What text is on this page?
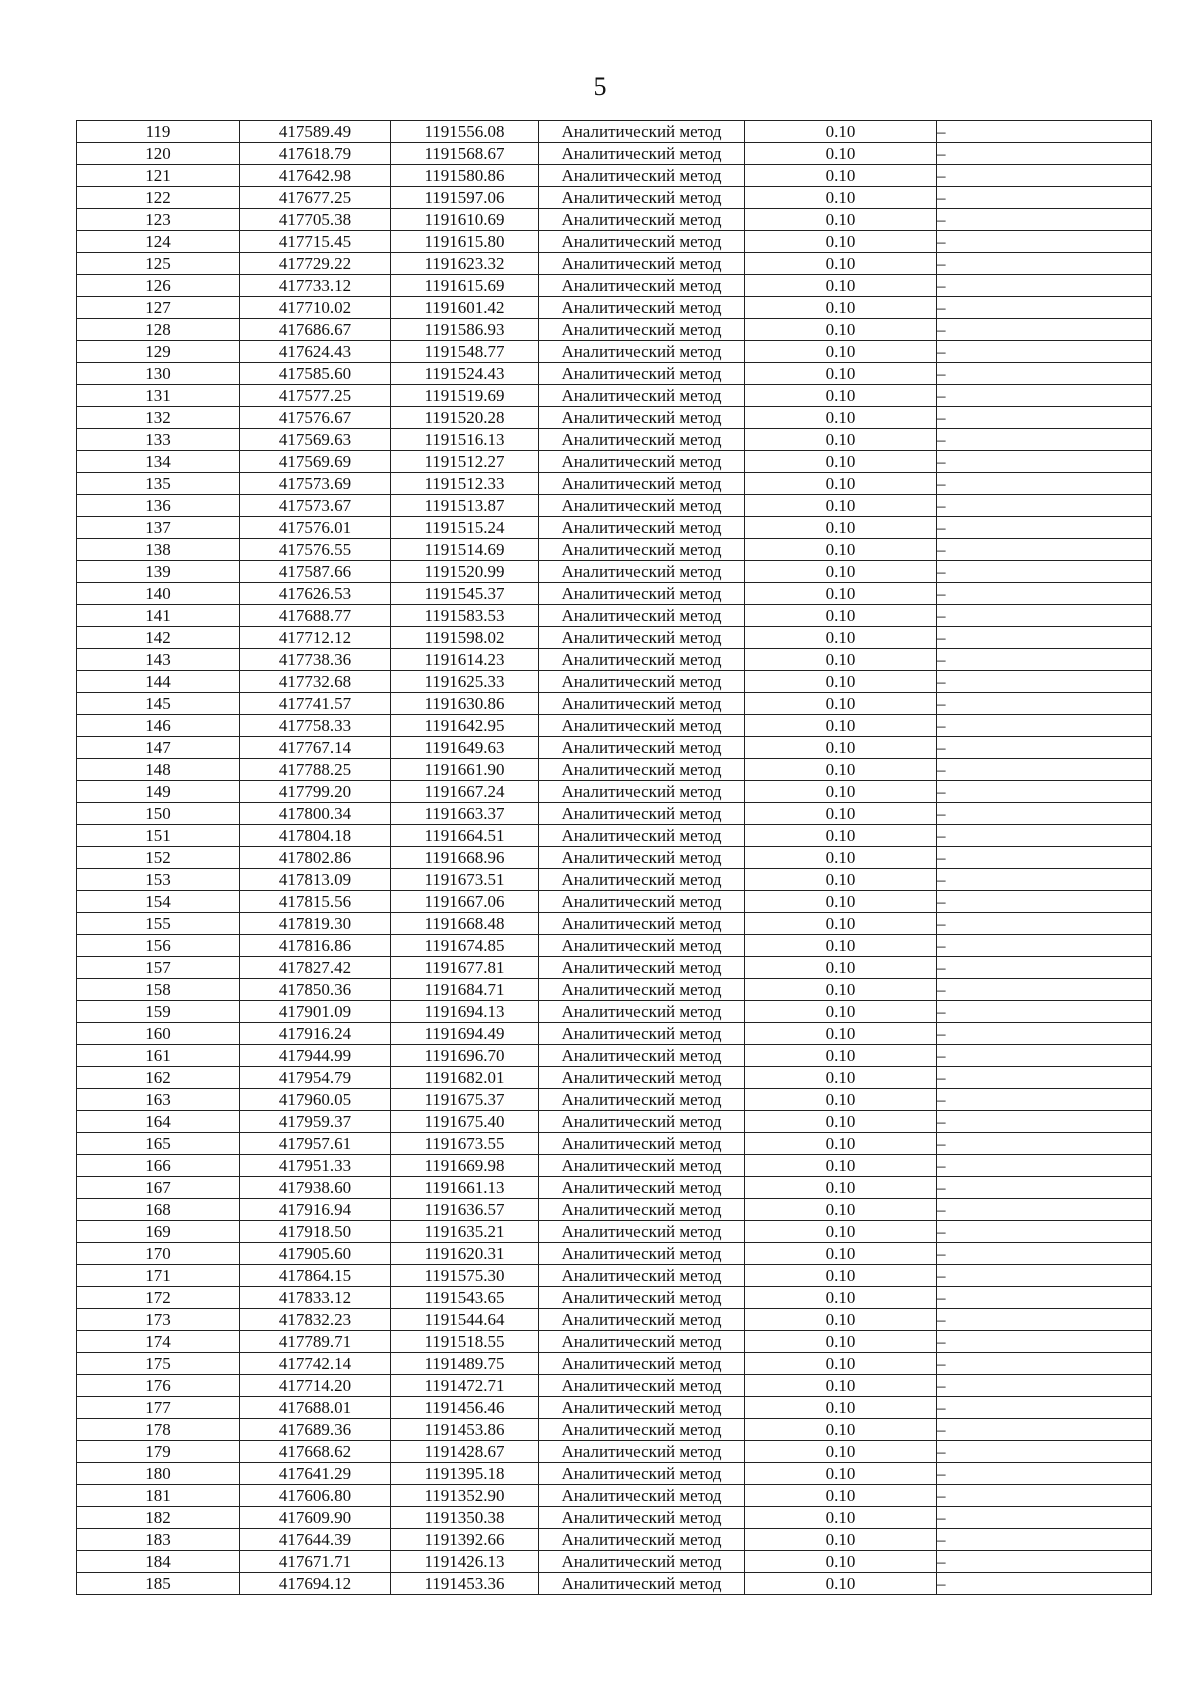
5
119	417589.49	1191556.08	Аналитический метод	0.10	–
120	417618.79	1191568.67	Аналитический метод	0.10	–
121	417642.98	1191580.86	Аналитический метод	0.10	–
122	417677.25	1191597.06	Аналитический метод	0.10	–
123	417705.38	1191610.69	Аналитический метод	0.10	–
124	417715.45	1191615.80	Аналитический метод	0.10	–
125	417729.22	1191623.32	Аналитический метод	0.10	–
126	417733.12	1191615.69	Аналитический метод	0.10	–
127	417710.02	1191601.42	Аналитический метод	0.10	–
128	417686.67	1191586.93	Аналитический метод	0.10	–
129	417624.43	1191548.77	Аналитический метод	0.10	–
130	417585.60	1191524.43	Аналитический метод	0.10	–
131	417577.25	1191519.69	Аналитический метод	0.10	–
132	417576.67	1191520.28	Аналитический метод	0.10	–
133	417569.63	1191516.13	Аналитический метод	0.10	–
134	417569.69	1191512.27	Аналитический метод	0.10	–
135	417573.69	1191512.33	Аналитический метод	0.10	–
136	417573.67	1191513.87	Аналитический метод	0.10	–
137	417576.01	1191515.24	Аналитический метод	0.10	–
138	417576.55	1191514.69	Аналитический метод	0.10	–
139	417587.66	1191520.99	Аналитический метод	0.10	–
140	417626.53	1191545.37	Аналитический метод	0.10	–
141	417688.77	1191583.53	Аналитический метод	0.10	–
142	417712.12	1191598.02	Аналитический метод	0.10	–
143	417738.36	1191614.23	Аналитический метод	0.10	–
144	417732.68	1191625.33	Аналитический метод	0.10	–
145	417741.57	1191630.86	Аналитический метод	0.10	–
146	417758.33	1191642.95	Аналитический метод	0.10	–
147	417767.14	1191649.63	Аналитический метод	0.10	–
148	417788.25	1191661.90	Аналитический метод	0.10	–
149	417799.20	1191667.24	Аналитический метод	0.10	–
150	417800.34	1191663.37	Аналитический метод	0.10	–
151	417804.18	1191664.51	Аналитический метод	0.10	–
152	417802.86	1191668.96	Аналитический метод	0.10	–
153	417813.09	1191673.51	Аналитический метод	0.10	–
154	417815.56	1191667.06	Аналитический метод	0.10	–
155	417819.30	1191668.48	Аналитический метод	0.10	–
156	417816.86	1191674.85	Аналитический метод	0.10	–
157	417827.42	1191677.81	Аналитический метод	0.10	–
158	417850.36	1191684.71	Аналитический метод	0.10	–
159	417901.09	1191694.13	Аналитический метод	0.10	–
160	417916.24	1191694.49	Аналитический метод	0.10	–
161	417944.99	1191696.70	Аналитический метод	0.10	–
162	417954.79	1191682.01	Аналитический метод	0.10	–
163	417960.05	1191675.37	Аналитический метод	0.10	–
164	417959.37	1191675.40	Аналитический метод	0.10	–
165	417957.61	1191673.55	Аналитический метод	0.10	–
166	417951.33	1191669.98	Аналитический метод	0.10	–
167	417938.60	1191661.13	Аналитический метод	0.10	–
168	417916.94	1191636.57	Аналитический метод	0.10	–
169	417918.50	1191635.21	Аналитический метод	0.10	–
170	417905.60	1191620.31	Аналитический метод	0.10	–
171	417864.15	1191575.30	Аналитический метод	0.10	–
172	417833.12	1191543.65	Аналитический метод	0.10	–
173	417832.23	1191544.64	Аналитический метод	0.10	–
174	417789.71	1191518.55	Аналитический метод	0.10	–
175	417742.14	1191489.75	Аналитический метод	0.10	–
176	417714.20	1191472.71	Аналитический метод	0.10	–
177	417688.01	1191456.46	Аналитический метод	0.10	–
178	417689.36	1191453.86	Аналитический метод	0.10	–
179	417668.62	1191428.67	Аналитический метод	0.10	–
180	417641.29	1191395.18	Аналитический метод	0.10	–
181	417606.80	1191352.90	Аналитический метод	0.10	–
182	417609.90	1191350.38	Аналитический метод	0.10	–
183	417644.39	1191392.66	Аналитический метод	0.10	–
184	417671.71	1191426.13	Аналитический метод	0.10	–
185	417694.12	1191453.36	Аналитический метод	0.10	–
